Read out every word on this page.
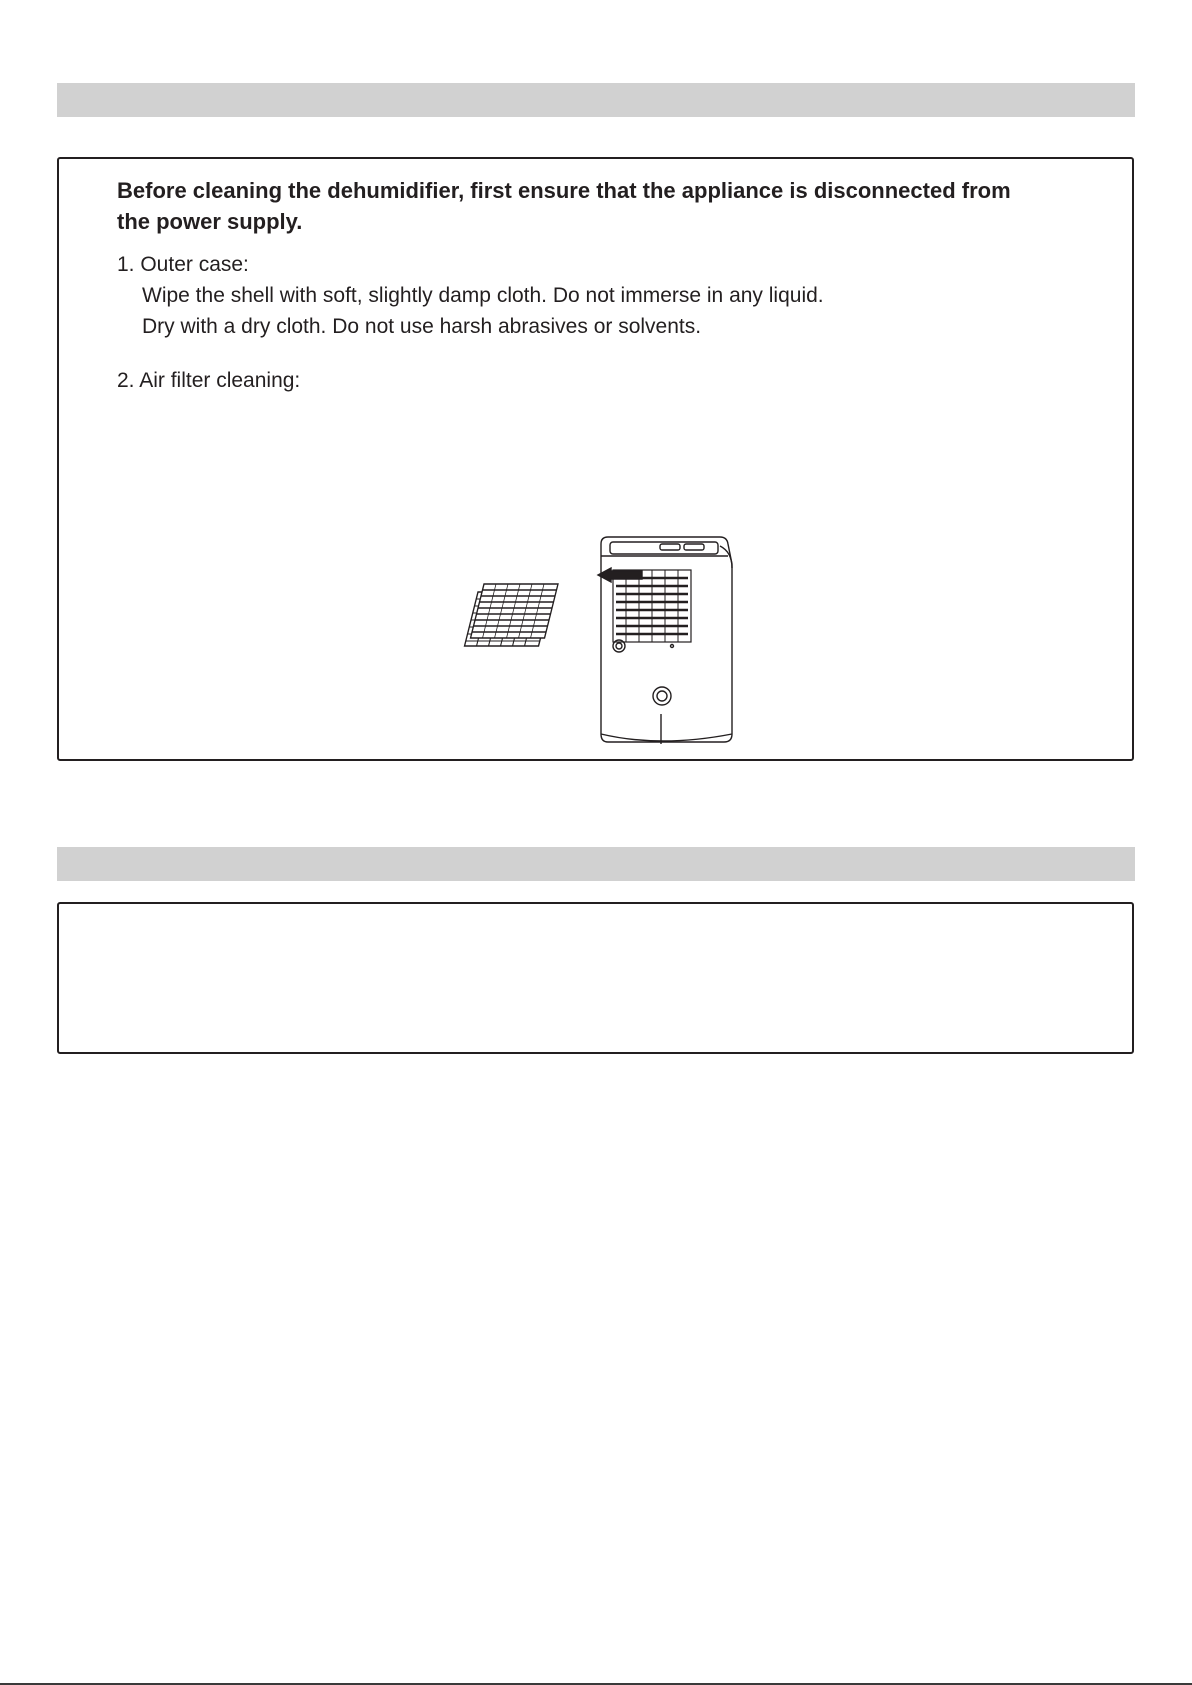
Before cleaning the dehumidifier, first ensure that the appliance is disconnected from the power supply.

1. Outer case:

Wipe the shell with soft, slightly damp cloth. Do not immerse in any liquid.
Dry with a dry cloth. Do not use harsh abrasives or solvents.

2. Air filter cleaning:
